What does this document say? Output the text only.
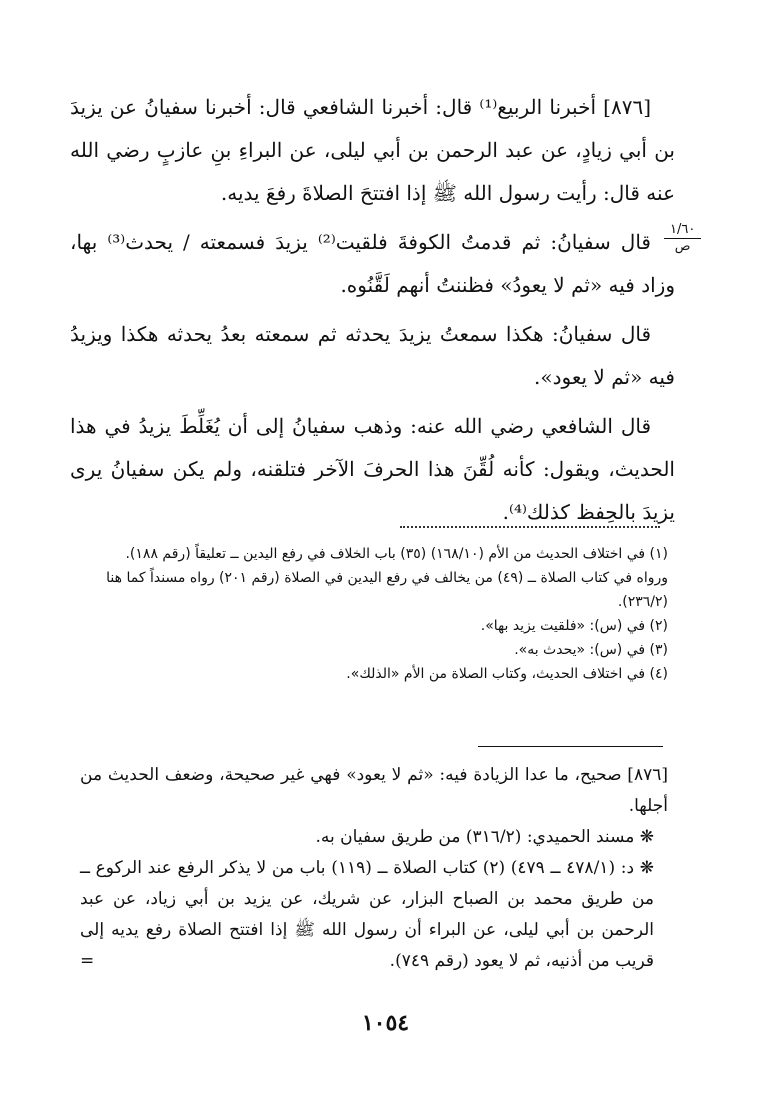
[٨٧٦] أخبرنا الربيع⁽¹⁾ قال: أخبرنا الشافعي قال: أخبرنا سفيانُ عن يزيدَ بن أبي زيادٍ، عن عبد الرحمن بن أبي ليلى، عن البراءِ بنِ عازبٍ رضي الله عنه قال: رأيت رسول الله ﷺ إذا افتتحَ الصلاةَ رفعَ يديه.

قال سفيانُ: ثم قدمتُ الكوفةَ فلقيت⁽²⁾ يزيدَ فسمعته / يحدث⁽³⁾ بها، وزاد فيه «ثم لا يعودُ» فظننتُ أنهم لَقَّنُوه.

قال سفيانُ: هكذا سمعتُ يزيدَ يحدثه ثم سمعته بعدُ يحدثه هكذا ويزيدُ فيه «ثم لا يعود».

قال الشافعي رضي الله عنه: وذهب سفيانُ إلى أن يُغَلِّطَ يزيدُ في هذا الحديث، ويقول: كأنه لُقِّنَ هذا الحرفَ الآخر فتلقنه، ولم يكن سفيانُ يرى يزيدَ بالحِفظ كذلك⁽⁴⁾.

١/٦٠
ص

(١) في اختلاف الحديث من الأم (١٦٨/١٠) (٣٥) باب الخلاف في رفع اليدين ــ تعليقاً (رقم ١٨٨).

ورواه في كتاب الصلاة ــ (٤٩) من يخالف في رفع اليدين في الصلاة (رقم ٢٠١) رواه مسنداً كما هنا (٢٣٦/٢).

(٢) في (س): «فلقيت يزيد بها».

(٣) في (س): «يحدث به».

(٤) في اختلاف الحديث، وكتاب الصلاة من الأم «الذلك».

[٨٧٦] صحيح، ما عدا الزيادة فيه: «ثم لا يعود» فهي غير صحيحة، وضعف الحديث من أجلها.

❋ مسند الحميدي: (٣١٦/٢) من طريق سفيان به.

❋ د: (٤٧٨/١ ــ ٤٧٩) (٢) كتاب الصلاة ــ (١١٩) باب من لا يذكر الرفع عند الركوع ــ من طريق محمد بن الصباح البزار، عن شريك، عن يزيد بن أبي زياد، عن عبد الرحمن بن أبي ليلى، عن البراء أن رسول الله ﷺ إذا افتتح الصلاة رفع يديه إلى قريب من أذنيه، ثم لا يعود (رقم ٧٤٩).
=

١٠٥٤
